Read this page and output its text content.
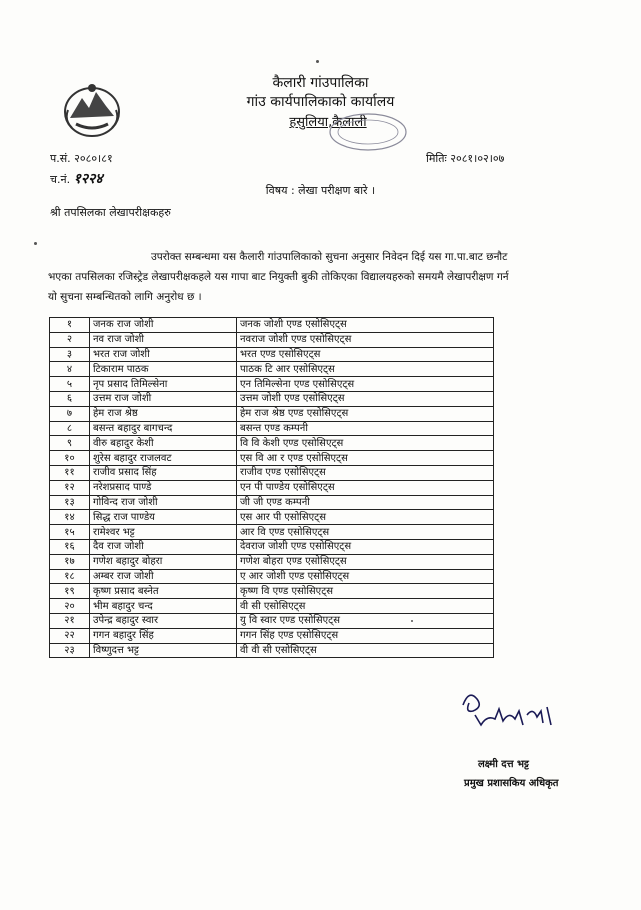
कैलारी गांउपालिका
गांउ कार्यपालिकाको कार्यालय
हसुलिया,कैलाली
प.सं. २०८०।८१
च.नं. १२२४
मितिः २०८१।०२।०७
विषय : लेखा परीक्षण बारे ।
श्री तपसिलका लेखापरीक्षकहरु
उपरोक्त सम्बन्धमा यस कैलारी गांउपालिकाको सुचना अनुसार निवेदन दिई यस गा.पा.बाट छनौट भएका तपसिलका रजिस्ट्रेड लेखापरीक्षकहले यस गापा बाट नियुक्ती बुकी तोकिएका विद्यालयहरुको समयमै लेखापरीक्षण गर्न यो सुचना सम्बन्धितको लागि अनुरोध छ ।
१	जनक राज जोशी	जनक जोशी एण्ड एसोसिएट्स
२	नव राज जोशी	नवराज जोशी एण्ड एसोसिएट्स
३	भरत राज जोशी	भरत एण्ड एसोसिएट्स
४	टिकाराम पाठक	पाठक टि आर एसोसिएट्स
५	नृप प्रसाद तिमिल्सेना	एन तिमिल्सेना एण्ड एसोसिएट्स
६	उत्तम राज जोशी	उत्तम जोशी एण्ड एसोसिएट्स
७	हेम राज श्रेष्ठ	हेम राज श्रेष्ठ एण्ड एसोसिएट्स
८	बसन्त बहादुर बागचन्द	बसन्त एण्ड कम्पनी
९	वीरु बहादुर केशी	वि वि केशी एण्ड एसोसिएट्स
१०	शुरेस बहादुर राजलवट	एस वि आ र एण्ड एसोसिएट्स
११	राजीव प्रसाद सिंह	राजीव एण्ड एसोसिएट्स
१२	नरेशप्रसाद पाण्डे	एन पी पाण्डेय एसोसिएट्स
१३	गोविन्द राज जोशी	जी जी एण्ड कम्पनी
१४	सिद्ध राज पाण्डेय	एस आर पी एसोसिएट्स
१५	रामेश्वर भट्ट	आर वि एण्ड एसोसिएट्स
१६	दैव राज जोशी	देवराज जोशी एण्ड एसोसिएट्स
१७	गणेश बहादुर बोहरा	गणेश बोहरा एण्ड एसोसिएट्स
१८	अम्बर राज जोशी	ए आर जोशी एण्ड एसोसिएट्स
१९	कृष्ण प्रसाद बस्नेत	कृष्ण वि एण्ड एसोसिएट्स
२०	भीम बहादुर चन्द	वी सी एसोसिएट्स
२१	उपेन्द्र बहादुर स्वार	यु वि स्वार एण्ड एसोसिएट्स
२२	गगन बहादुर सिंह	गगन सिंह एण्ड एसोसिएट्स
२३	विष्णुदत्त भट्ट	वी वी सी एसोसिएट्स
लक्ष्मी दत्त भट्ट
प्रमुख प्रशासकिय अधिकृत
